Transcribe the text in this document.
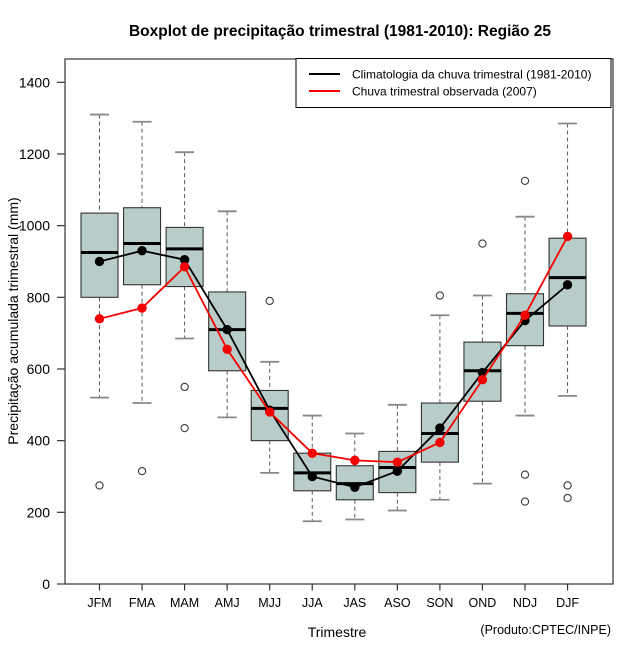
Boxplot de precipitação trimestral (1981-2010): Região 25
0
200
400
600
800
1000
1200
1400
JFM FMA MAM AMJ MJJ JJA JAS ASO SON OND NDJ DJF
Climatologia da chuva trimestral (1981-2010)
Chuva trimestral observada (2007)
Precipitação acumulada trimestral (mm)
Trimestre	(Produto:CPTEC/INPE)
